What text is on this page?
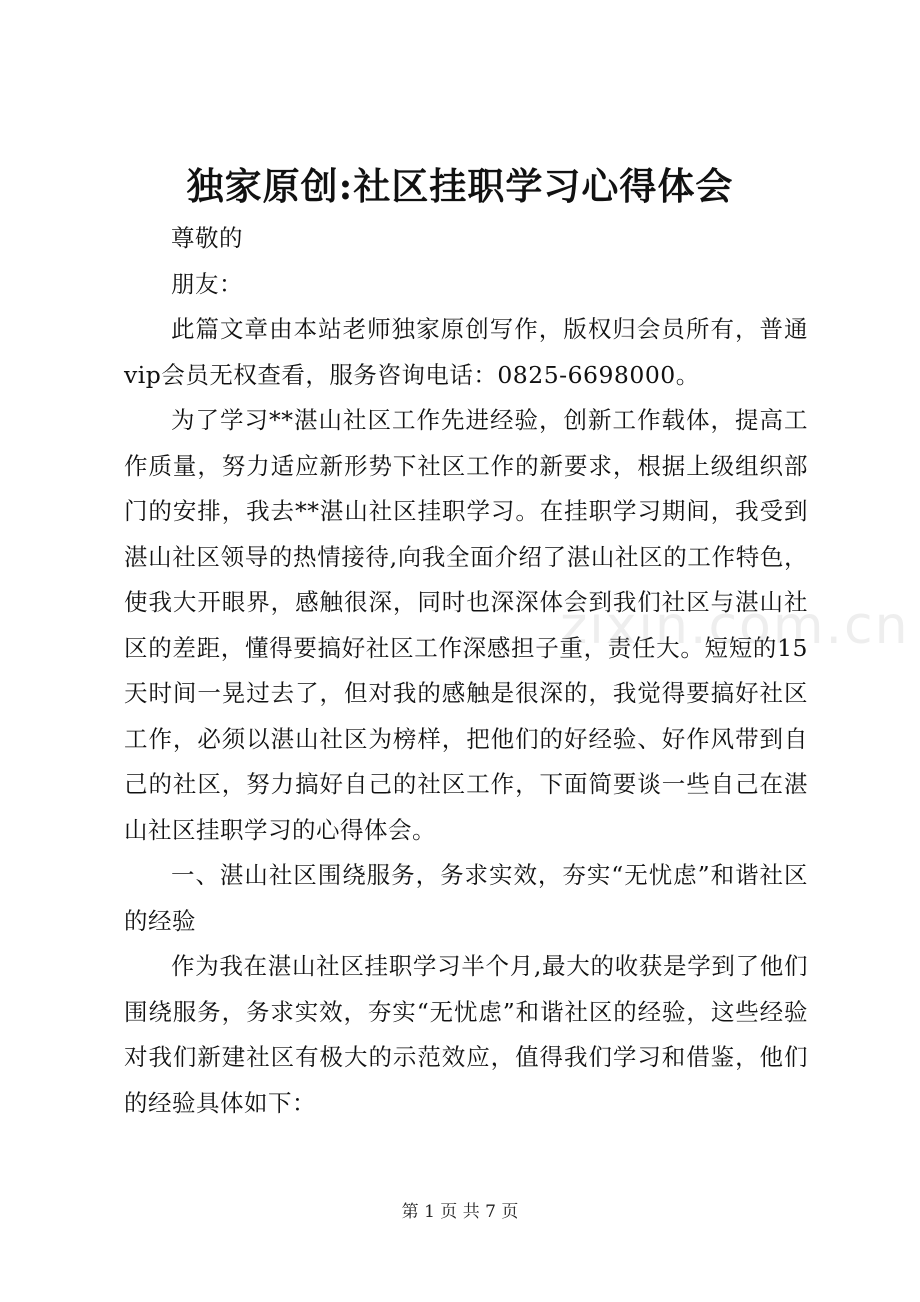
独家原创:社区挂职学习心得体会

尊敬的

朋友：

此篇文章由本站老师独家原创写作，版权归会员所有，普通vip会员无权查看，服务咨询电话：0825-6698000。

为了学习**湛山社区工作先进经验，创新工作载体，提高工作质量，努力适应新形势下社区工作的新要求，根据上级组织部门的安排，我去**湛山社区挂职学习。在挂职学习期间，我受到湛山社区领导的热情接待,向我全面介绍了湛山社区的工作特色，使我大开眼界，感触很深，同时也深深体会到我们社区与湛山社区的差距，懂得要搞好社区工作深感担子重，责任大。短短的15天时间一晃过去了，但对我的感触是很深的，我觉得要搞好社区工作，必须以湛山社区为榜样，把他们的好经验、好作风带到自己的社区，努力搞好自己的社区工作，下面简要谈一些自己在湛山社区挂职学习的心得体会。

一、湛山社区围绕服务，务求实效，夯实“无忧虑”和谐社区的经验

作为我在湛山社区挂职学习半个月,最大的收获是学到了他们围绕服务，务求实效，夯实“无忧虑”和谐社区的经验，这些经验对我们新建社区有极大的示范效应，值得我们学习和借鉴，他们的经验具体如下：

zixin.com.cn
第 1 页 共 7 页
